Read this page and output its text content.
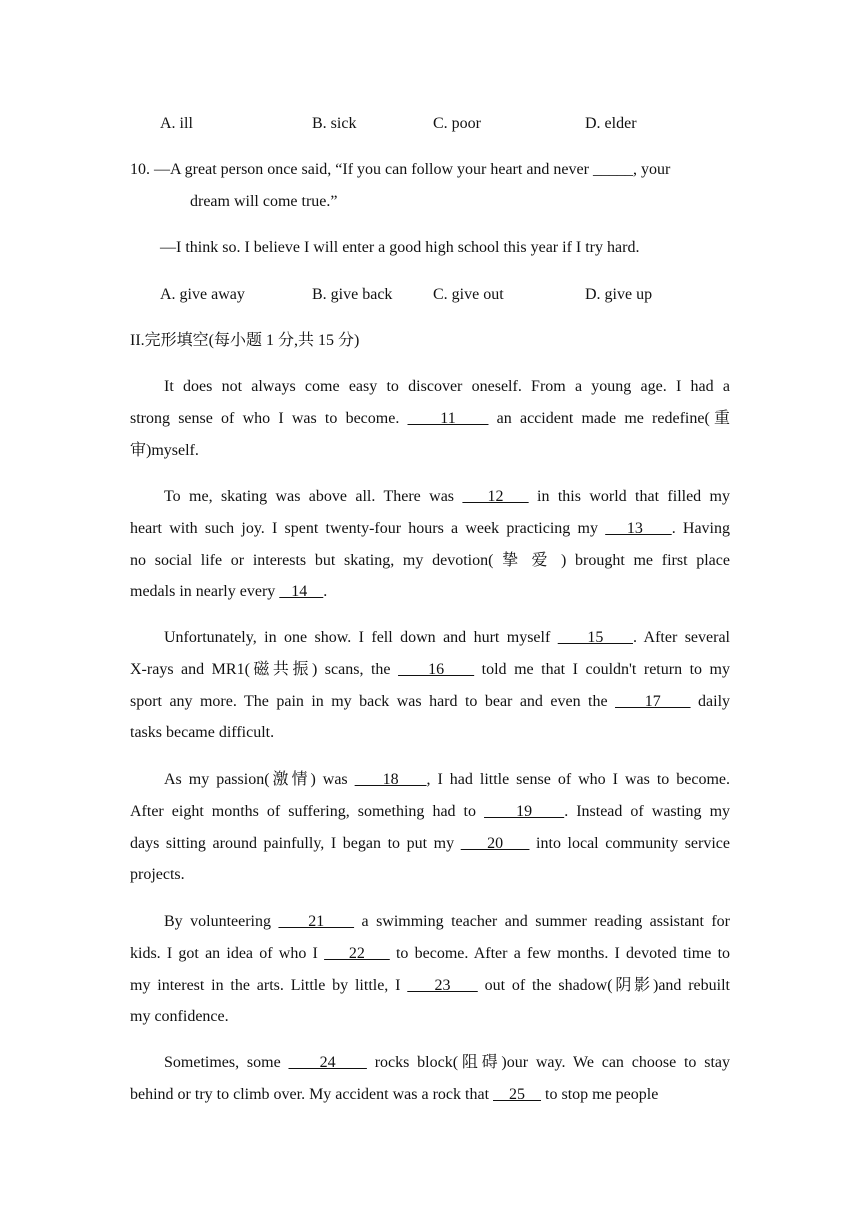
A. ill	B. sick	C. poor	D. elder
10. —A great person once said, “If you can follow your heart and never _____, your
dream will come true.”
—I think so. I believe I will enter a good high school this year if I try hard.
A. give away	B. give back	C. give out	D. give up
II.完形填空(每小题 1 分,共 15 分)
It does not always come easy to discover oneself. From a young age. I had a
strong sense of who I was to become.     11     an accident made me redefine(重
审)myself.
To me, skating was above all. There was    12    in this world that filled my
heart with such joy. I spent twenty-four hours a week practicing my    13    . Having
no social life or interests but skating, my devotion( 挚 爱 ) brought me first place
medals in nearly every    14    .
Unfortunately, in one show. I fell down and hurt myself     15    . After several
X-rays and MR1(磁共振) scans, the     16     told me that I couldn't return to my
sport any more. The pain in my back was hard to bear and even the     17     daily
tasks became difficult.
As my passion(激情) was     18    , I had little sense of who I was to become.
After eight months of suffering, something had to     19    . Instead of wasting my
days sitting around painfully, I began to put my     20     into local community service
projects.
By volunteering     21     a swimming teacher and summer reading assistant for
kids. I got an idea of who I     22     to become. After a few months. I devoted time to
my interest in the arts. Little by little, I     23     out of the shadow(阴影)and rebuilt
my confidence.
Sometimes, some     24     rocks block(阻碍)our way. We can choose to stay
behind or try to climb over. My accident was a rock that     25     to stop me people
